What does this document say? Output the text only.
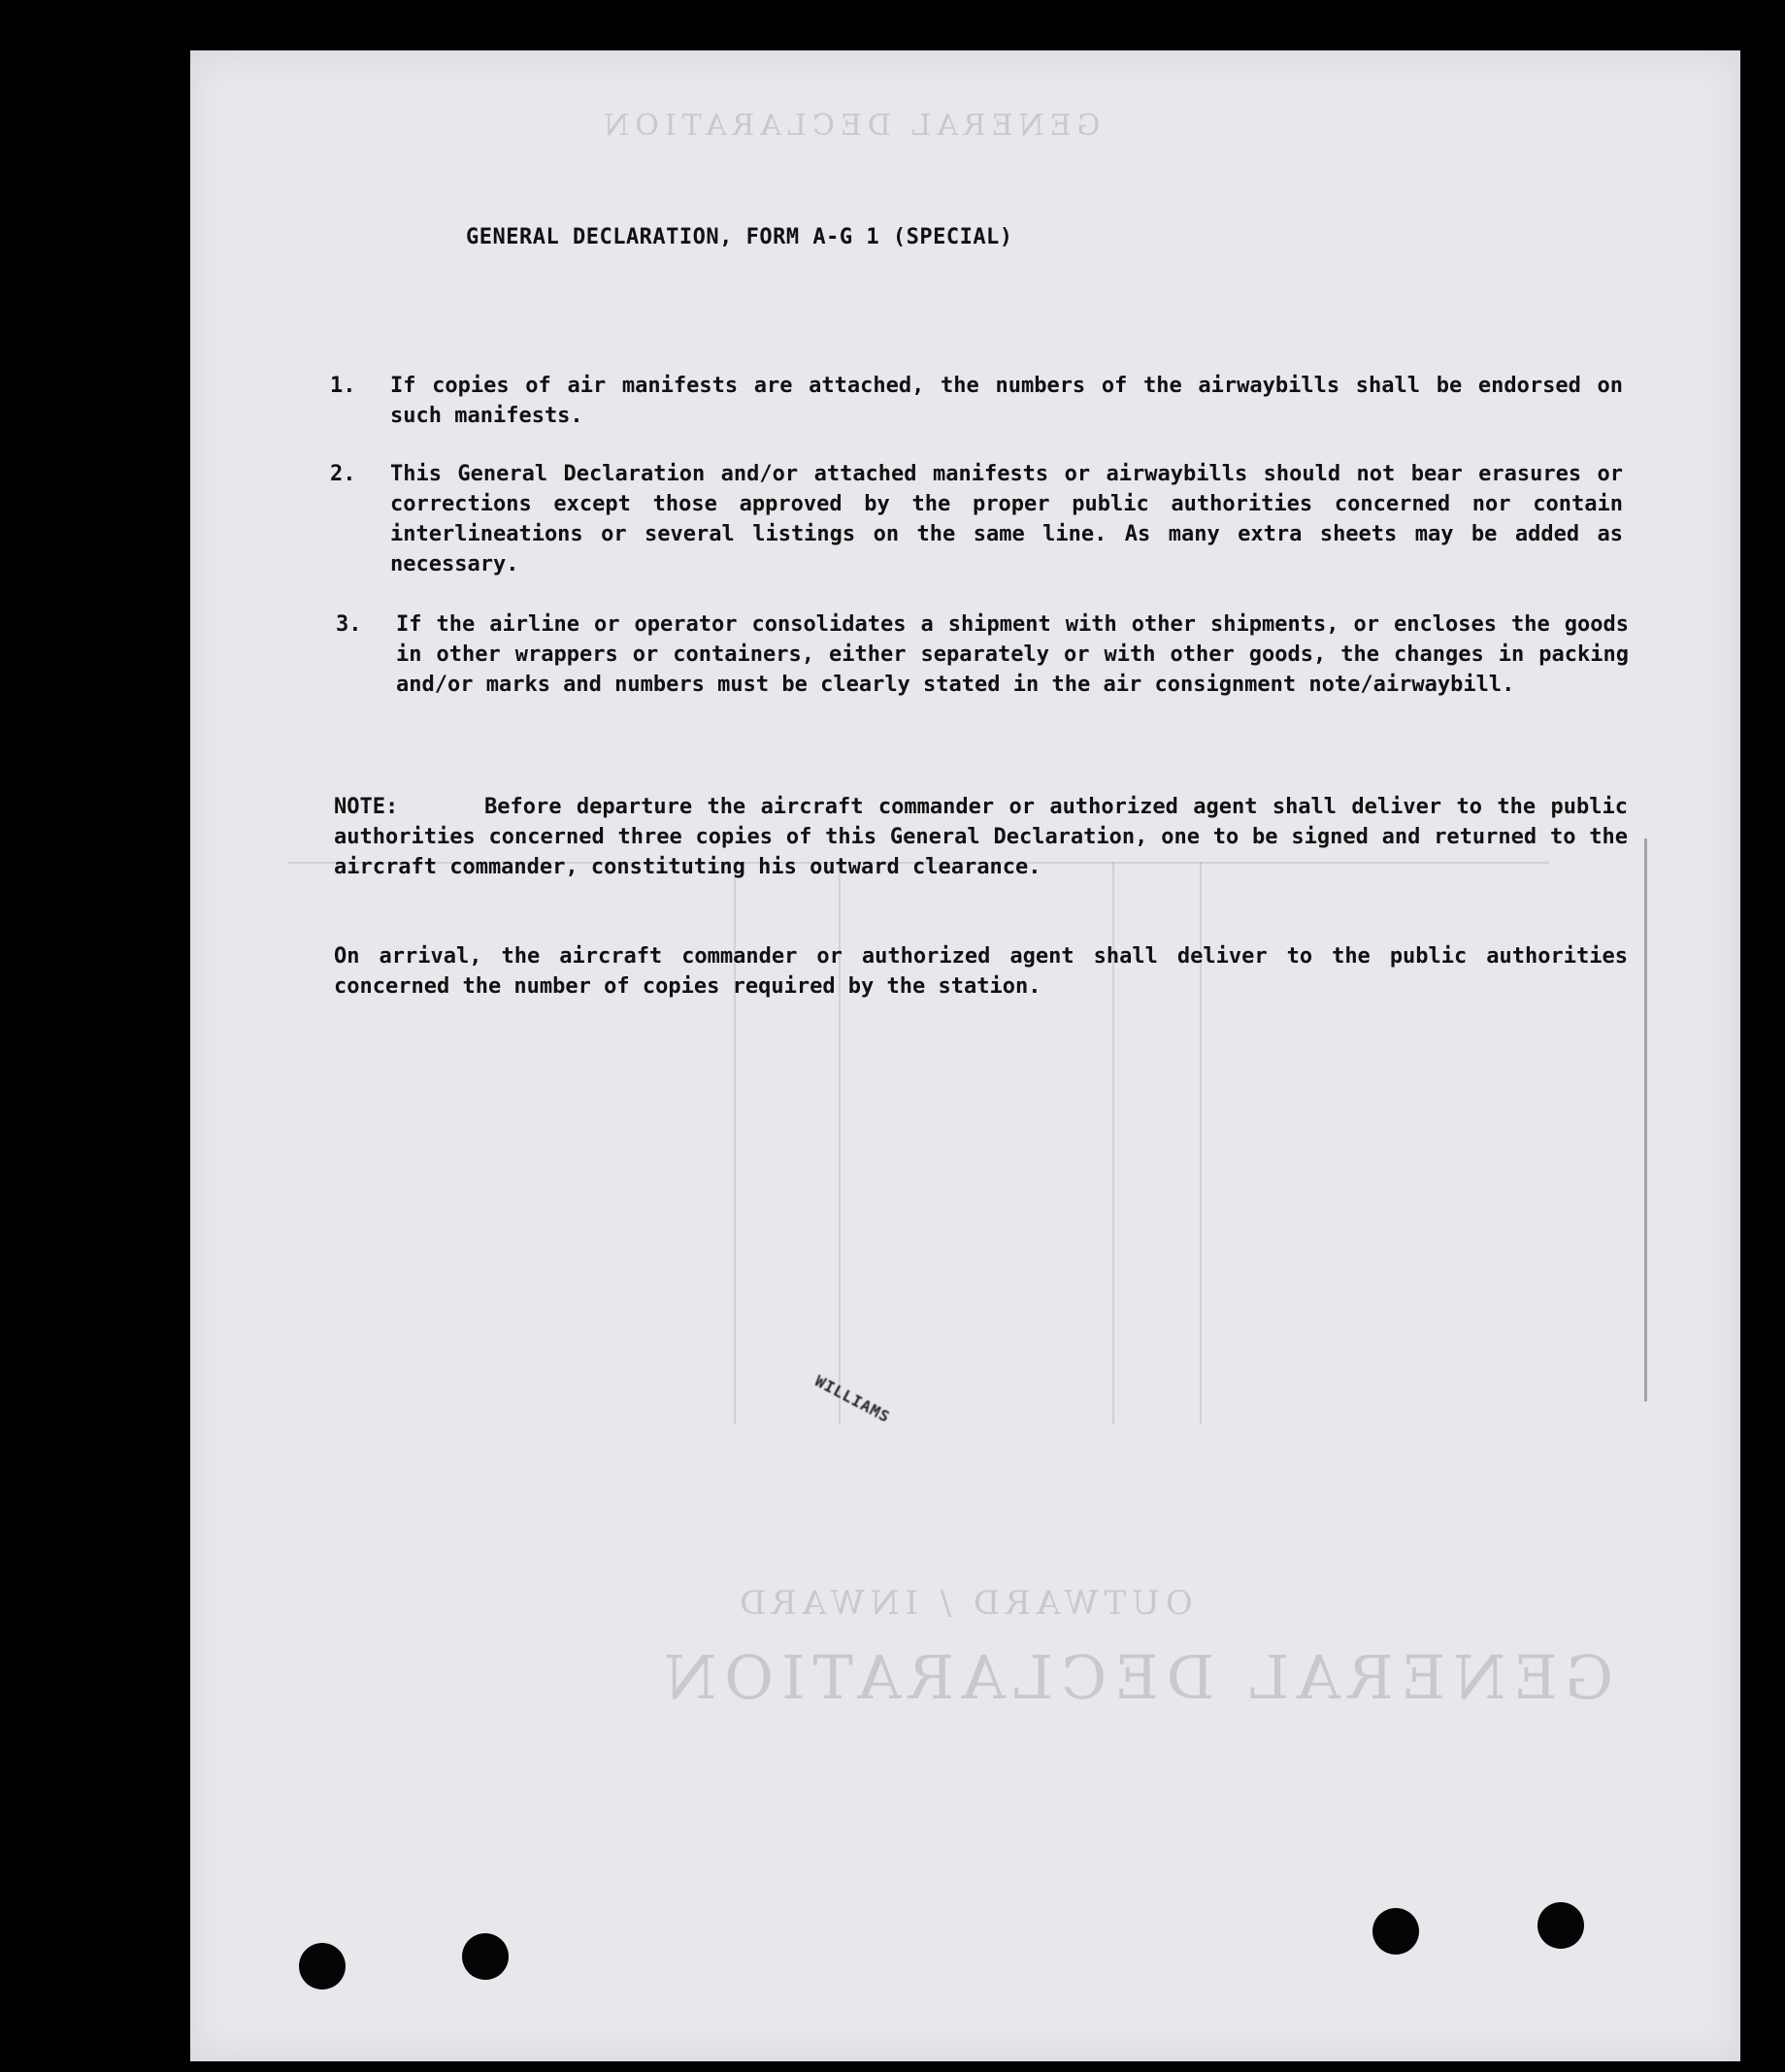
GENERAL DECLARATION
OUTWARD / INWARD
GENERAL DECLARATION
GENERAL DECLARATION, FORM A-G 1 (SPECIAL)
1. If copies of air manifests are attached, the numbers of the airwaybills shall be endorsed on such manifests.
2. This General Declaration and/or attached manifests or airwaybills should not bear erasures or corrections except those approved by the proper public authorities concerned nor contain interlineations or several listings on the same line. As many extra sheets may be added as necessary.
3. If the airline or operator consolidates a shipment with other shipments, or encloses the goods in other wrappers or containers, either separately or with other goods, the changes in packing and/or marks and numbers must be clearly stated in the air consignment note/airwaybill.
NOTE:	Before departure the aircraft commander or authorized agent shall deliver to the public authorities concerned three copies of this General Declaration, one to be signed and returned to the aircraft commander, constituting his outward clearance.
On arrival, the aircraft commander or authorized agent shall deliver to the public authorities concerned the number of copies required by the station.
WILLIAMS
